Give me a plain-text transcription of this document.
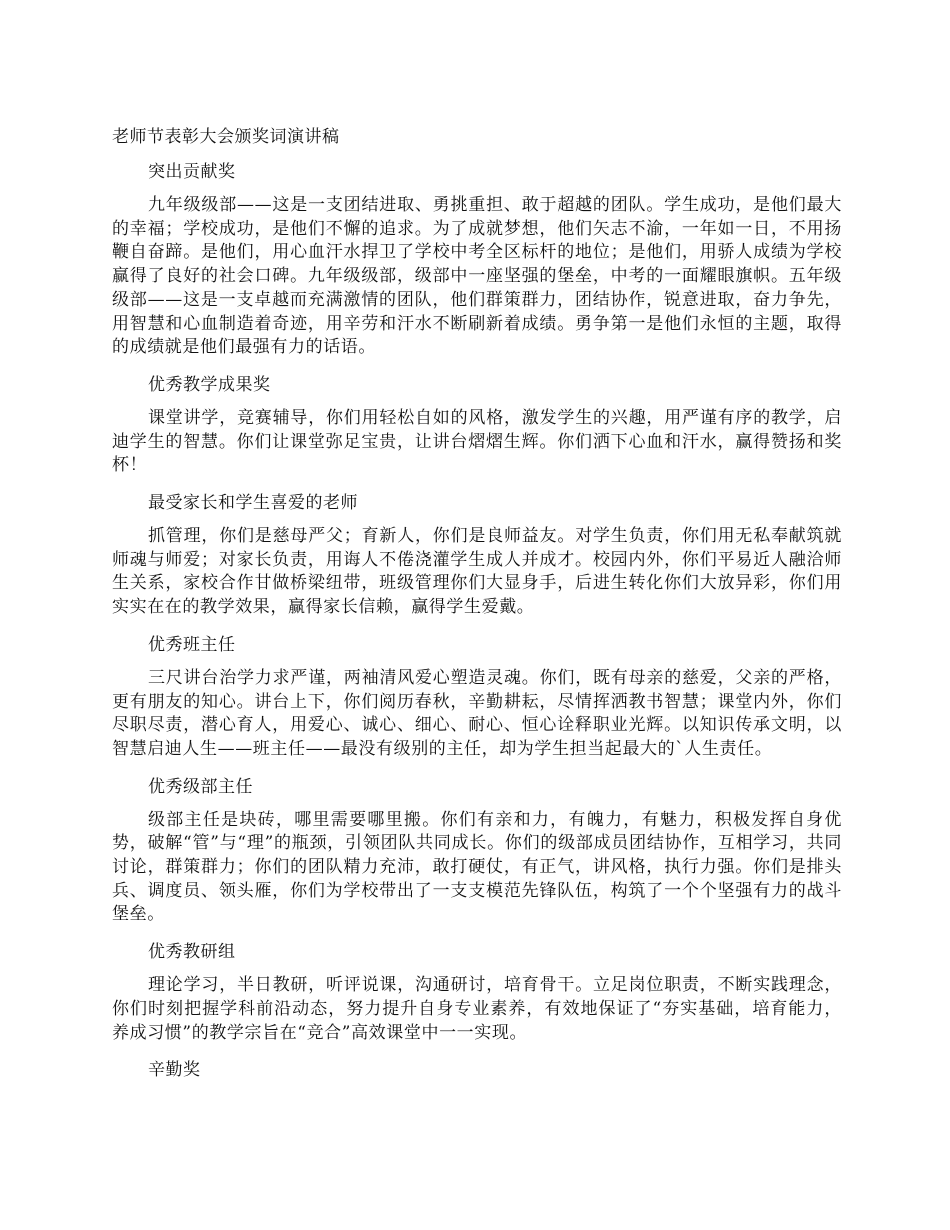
老师节表彰大会颁奖词演讲稿
突出贡献奖
九年级级部——这是一支团结进取、勇挑重担、敢于超越的团队。学生成功，是他们最大的幸福；学校成功，是他们不懈的追求。为了成就梦想，他们矢志不渝，一年如一日，不用扬鞭自奋蹄。是他们，用心血汗水捍卫了学校中考全区标杆的地位；是他们，用骄人成绩为学校赢得了良好的社会口碑。九年级级部，级部中一座坚强的堡垒，中考的一面耀眼旗帜。五年级级部——这是一支卓越而充满激情的团队，他们群策群力，团结协作，锐意进取，奋力争先，用智慧和心血制造着奇迹，用辛劳和汗水不断刷新着成绩。勇争第一是他们永恒的主题，取得的成绩就是他们最强有力的话语。
优秀教学成果奖
课堂讲学，竞赛辅导，你们用轻松自如的风格，激发学生的兴趣，用严谨有序的教学，启迪学生的智慧。你们让课堂弥足宝贵，让讲台熠熠生辉。你们洒下心血和汗水，赢得赞扬和奖杯！
最受家长和学生喜爱的老师
抓管理，你们是慈母严父；育新人，你们是良师益友。对学生负责，你们用无私奉献筑就师魂与师爱；对家长负责，用诲人不倦浇灌学生成人并成才。校园内外，你们平易近人融洽师生关系，家校合作甘做桥梁纽带，班级管理你们大显身手，后进生转化你们大放异彩，你们用实实在在的教学效果，赢得家长信赖，赢得学生爱戴。
优秀班主任
三尺讲台治学力求严谨，两袖清风爱心塑造灵魂。你们，既有母亲的慈爱，父亲的严格，更有朋友的知心。讲台上下，你们阅历春秋，辛勤耕耘，尽情挥洒教书智慧；课堂内外，你们尽职尽责，潜心育人，用爱心、诚心、细心、耐心、恒心诠释职业光辉。以知识传承文明，以智慧启迪人生——班主任——最没有级别的主任，却为学生担当起最大的`人生责任。
优秀级部主任
级部主任是块砖，哪里需要哪里搬。你们有亲和力，有魄力，有魅力，积极发挥自身优势，破解“管”与“理”的瓶颈，引领团队共同成长。你们的级部成员团结协作，互相学习，共同讨论，群策群力；你们的团队精力充沛，敢打硬仗，有正气，讲风格，执行力强。你们是排头兵、调度员、领头雁，你们为学校带出了一支支模范先锋队伍，构筑了一个个坚强有力的战斗堡垒。
优秀教研组
理论学习，半日教研，听评说课，沟通研讨，培育骨干。立足岗位职责，不断实践理念，你们时刻把握学科前沿动态，努力提升自身专业素养，有效地保证了“夯实基础，培育能力，养成习惯”的教学宗旨在“竞合”高效课堂中一一实现。
辛勤奖
